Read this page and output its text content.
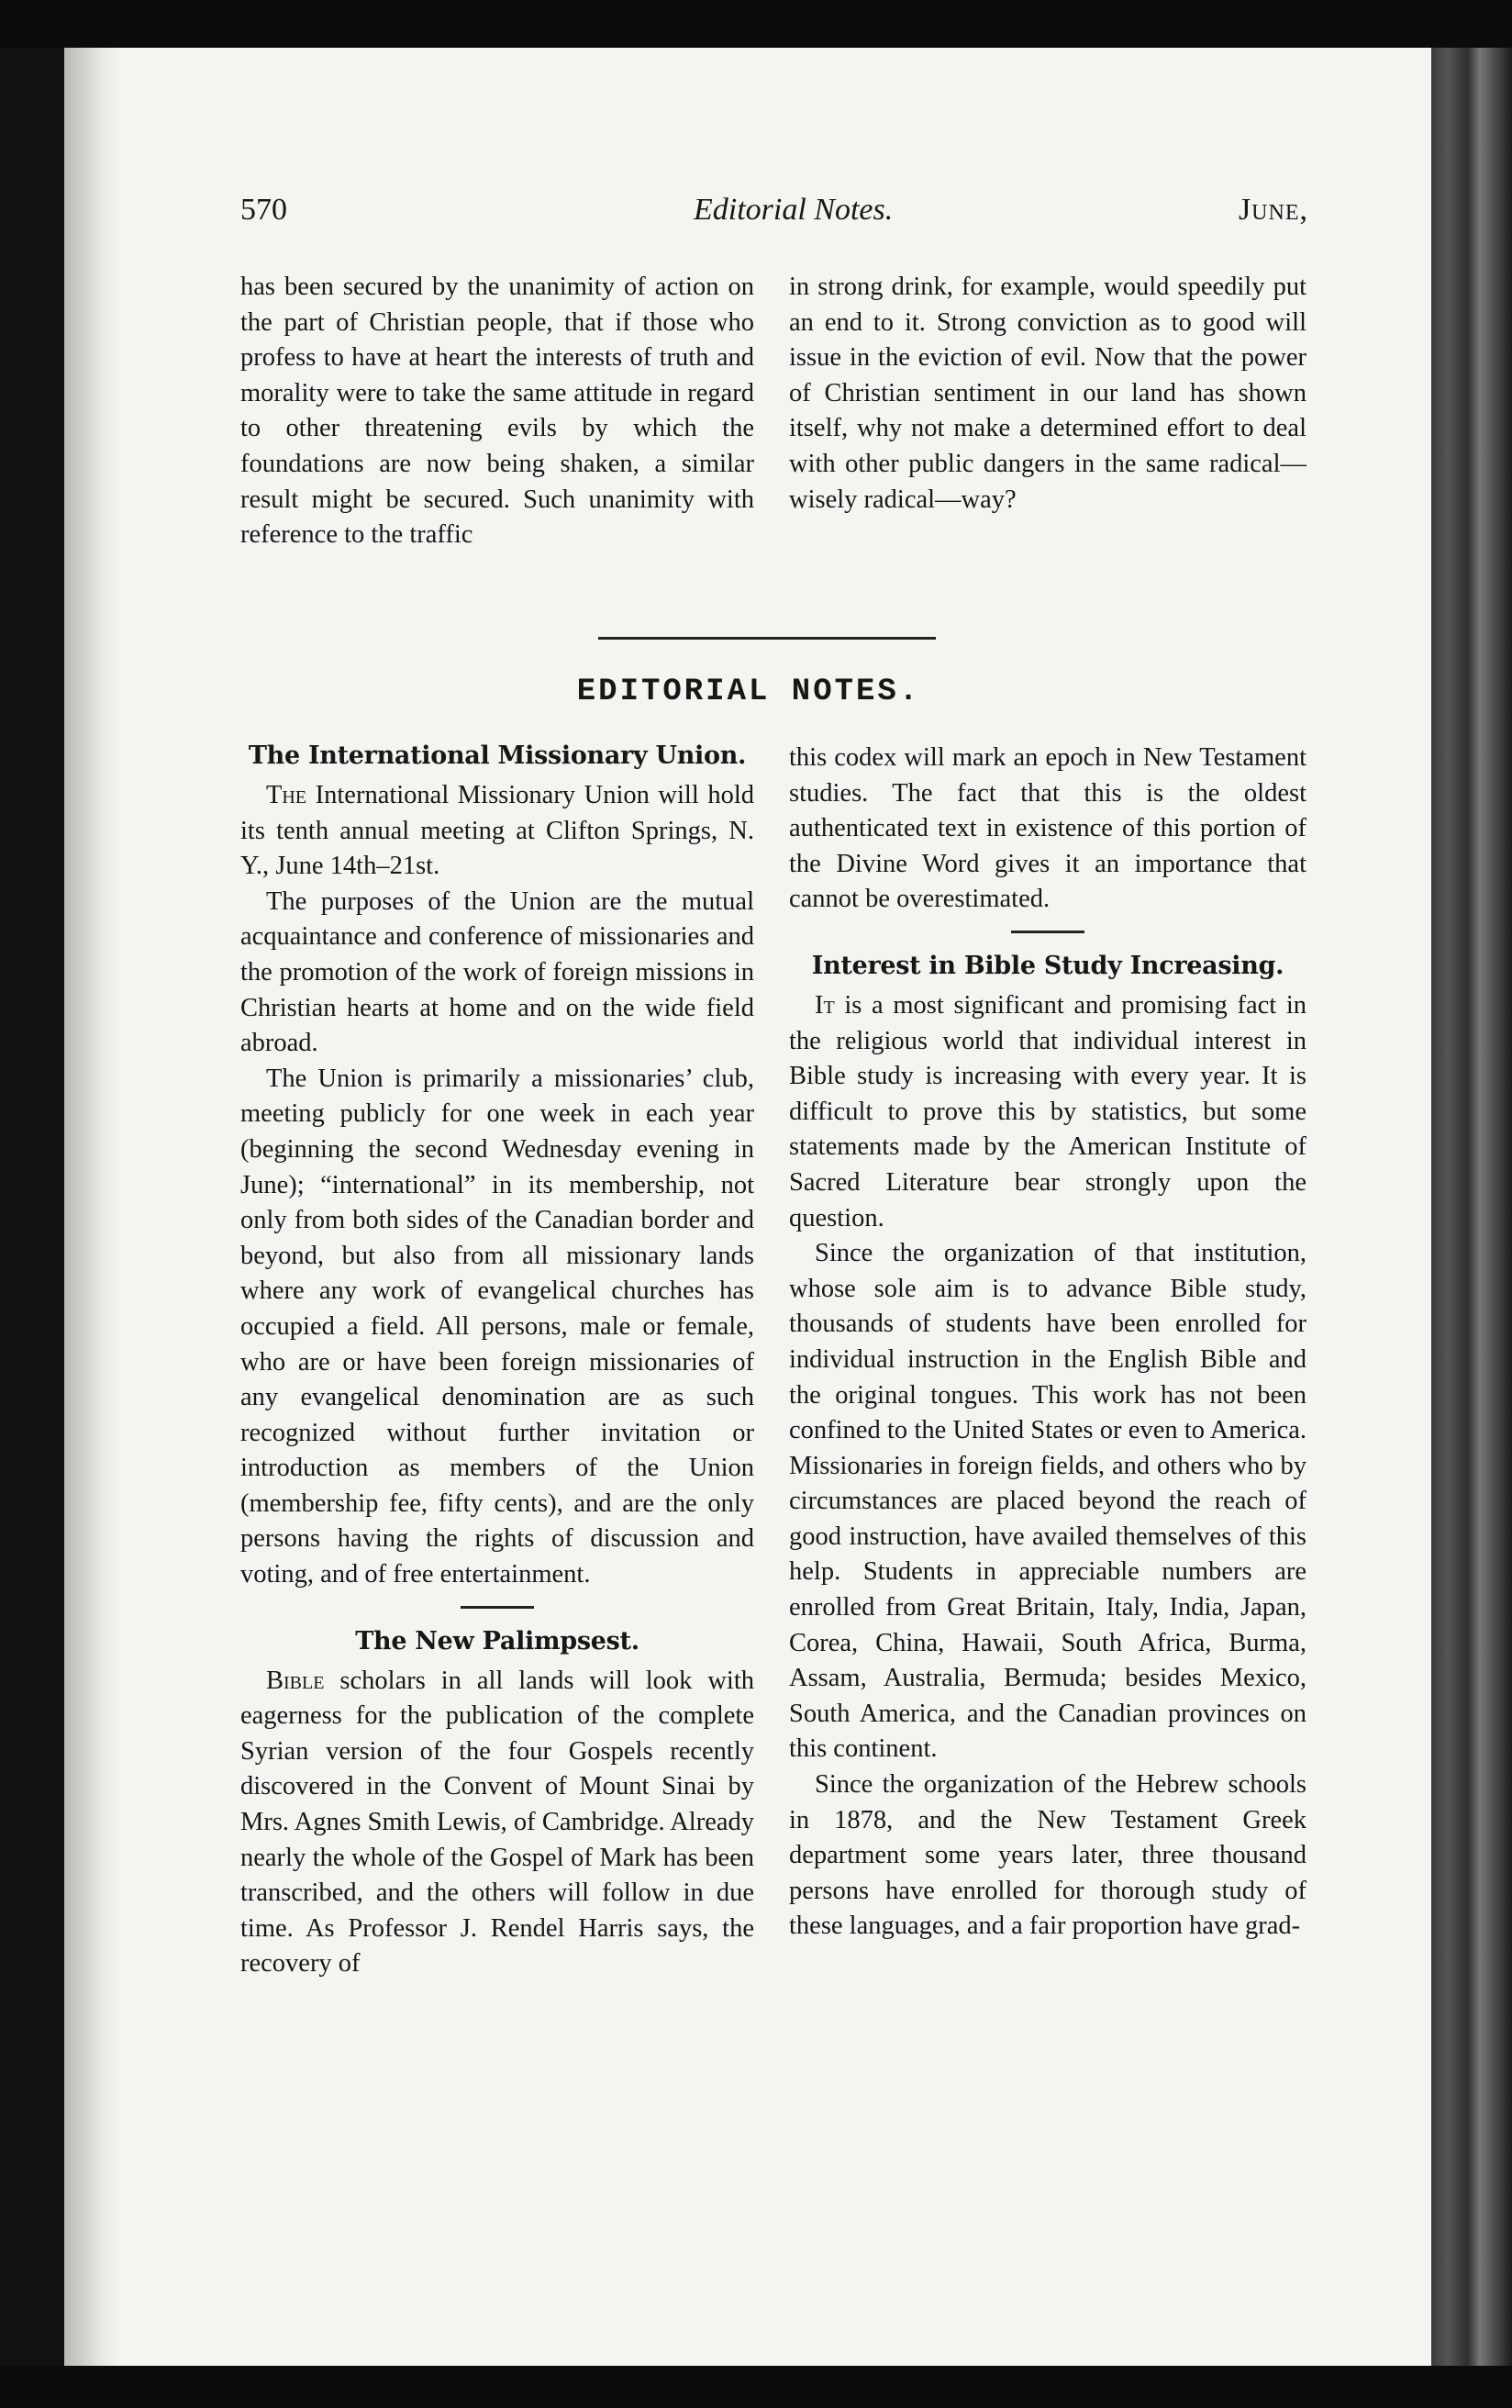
570	Editorial Notes.	June,

has been secured by the unanimity of action on the part of Christian people, that if those who profess to have at heart the interests of truth and morality were to take the same attitude in regard to other threatening evils by which the foundations are now being shaken, a similar result might be secured. Such unanimity with reference to the traffic

in strong drink, for example, would speedily put an end to it. Strong conviction as to good will issue in the eviction of evil. Now that the power of Christian sentiment in our land has shown itself, why not make a determined effort to deal with other public dangers in the same radical—wisely radical—way?

EDITORIAL NOTES.
The International Missionary Union.

The International Missionary Union will hold its tenth annual meeting at Clifton Springs, N. Y., June 14th–21st.

The purposes of the Union are the mutual acquaintance and conference of missionaries and the promotion of the work of foreign missions in Christian hearts at home and on the wide field abroad.

The Union is primarily a missionaries’ club, meeting publicly for one week in each year (beginning the second Wednesday evening in June); “international” in its membership, not only from both sides of the Canadian border and beyond, but also from all missionary lands where any work of evangelical churches has occupied a field. All persons, male or female, who are or have been foreign missionaries of any evangelical denomination are as such recognized without further invitation or introduction as members of the Union (membership fee, fifty cents), and are the only persons having the rights of discussion and voting, and of free entertainment.

The New Palimpsest.

Bible scholars in all lands will look with eagerness for the publication of the complete Syrian version of the four Gospels recently discovered in the Convent of Mount Sinai by Mrs. Agnes Smith Lewis, of Cambridge. Already nearly the whole of the Gospel of Mark has been transcribed, and the others will follow in due time. As Professor J. Rendel Harris says, the recovery of

this codex will mark an epoch in New Testament studies. The fact that this is the oldest authenticated text in existence of this portion of the Divine Word gives it an importance that cannot be overestimated.

Interest in Bible Study Increasing.

It is a most significant and promising fact in the religious world that individual interest in Bible study is increasing with every year. It is difficult to prove this by statistics, but some statements made by the American Institute of Sacred Literature bear strongly upon the question.

Since the organization of that institution, whose sole aim is to advance Bible study, thousands of students have been enrolled for individual instruction in the English Bible and the original tongues. This work has not been confined to the United States or even to America. Missionaries in foreign fields, and others who by circumstances are placed beyond the reach of good instruction, have availed themselves of this help. Students in appreciable numbers are enrolled from Great Britain, Italy, India, Japan, Corea, China, Hawaii, South Africa, Burma, Assam, Australia, Bermuda; besides Mexico, South America, and the Canadian provinces on this continent.

Since the organization of the Hebrew schools in 1878, and the New Testament Greek department some years later, three thousand persons have enrolled for thorough study of these languages, and a fair proportion have grad-
